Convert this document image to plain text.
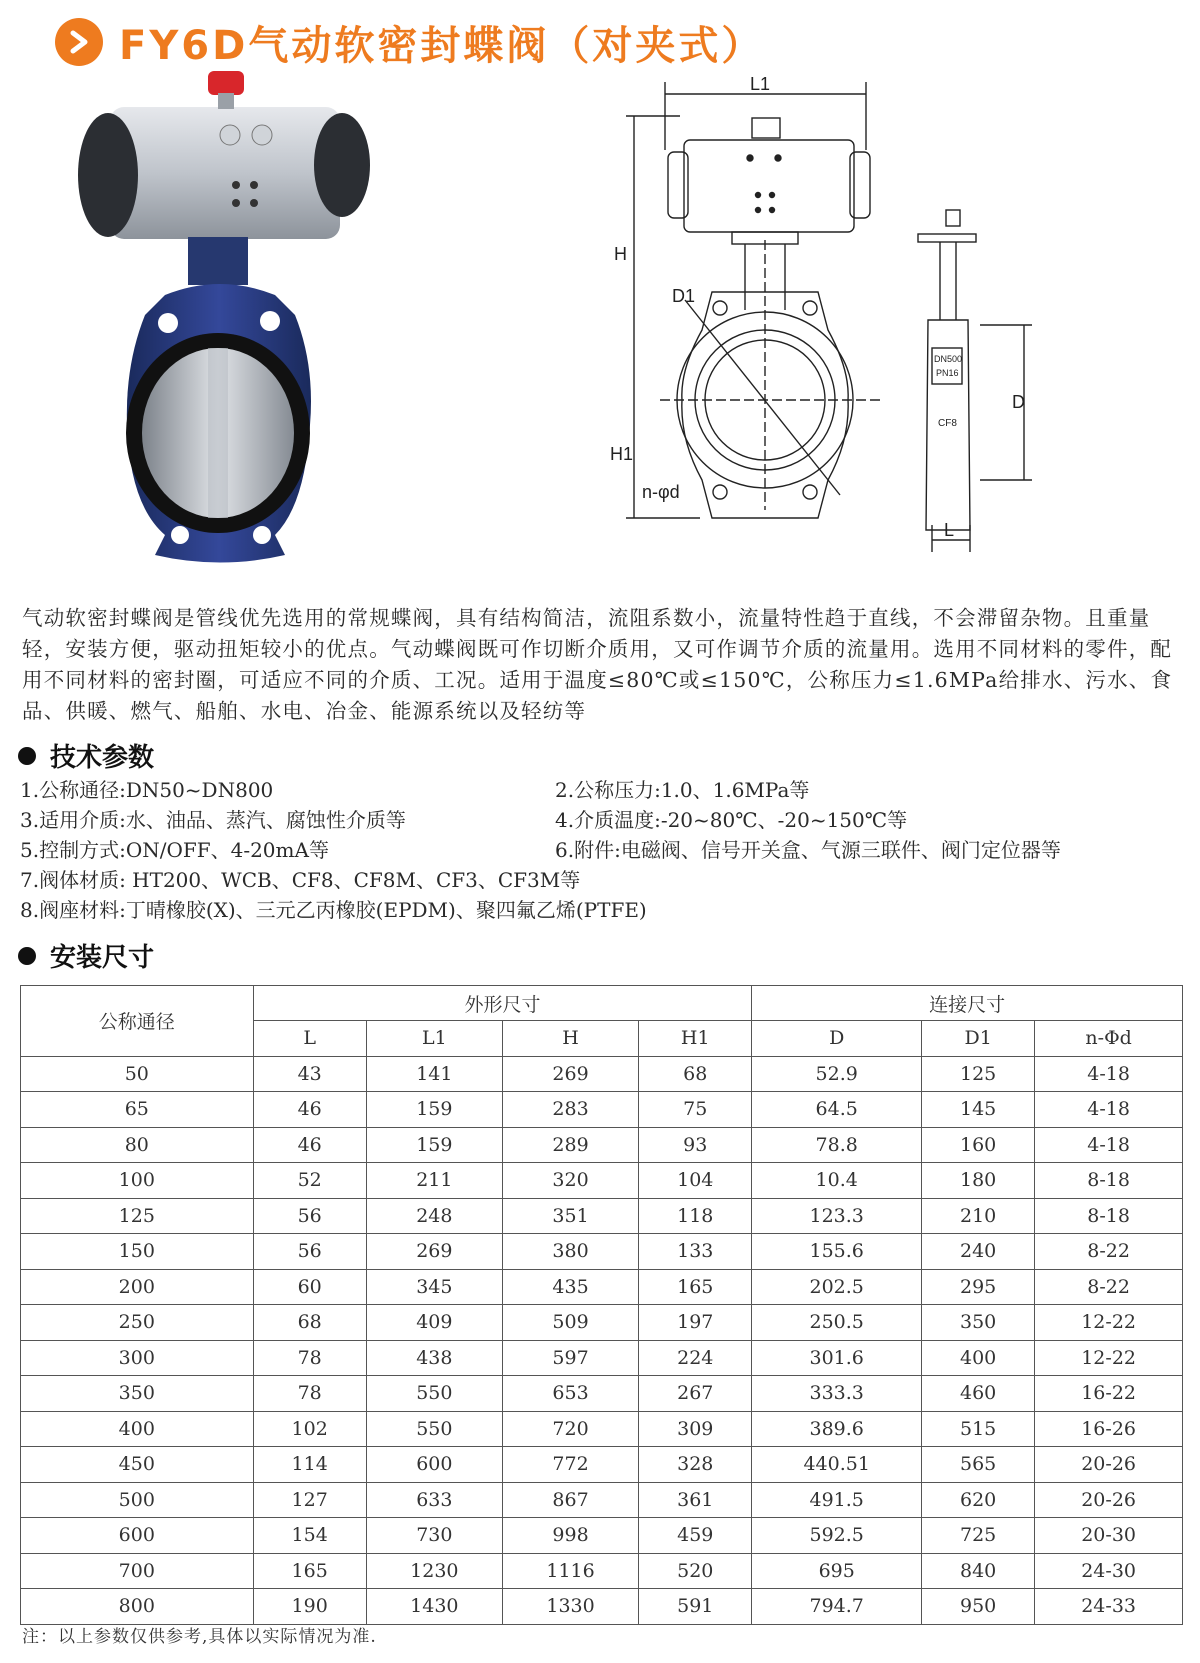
FY6D气动软密封蝶阀（对夹式）
L1
H
H1
D1
n-φd
DN500
PN16
CF8
D
L
气动软密封蝶阀是管线优先选用的常规蝶阀，具有结构简洁，流阻系数小，流量特性趋于直线，不会滞留杂物。且重量轻，安装方便，驱动扭矩较小的优点。气动蝶阀既可作切断介质用，又可作调节介质的流量用。选用不同材料的零件，配用不同材料的密封圈，可适应不同的介质、工况。适用于温度≤80℃或≤150℃，公称压力≤1.6MPa给排水、污水、食品、供暖、燃气、船舶、水电、冶金、能源系统以及轻纺等
技术参数
1.公称通径:DN50~DN800	2.公称压力:1.0、1.6MPa等
3.适用介质:水、油品、蒸汽、腐蚀性介质等	4.介质温度:-20~80℃、-20~150℃等
5.控制方式:ON/OFF、4-20mA等	6.附件:电磁阀、信号开关盒、气源三联件、阀门定位器等
7.阀体材质: HT200、WCB、CF8、CF8M、CF3、CF3M等
8.阀座材料:丁晴橡胶(X)、三元乙丙橡胶(EPDM)、聚四氟乙烯(PTFE)
安装尺寸
公称通径	外形尺寸				连接尺寸		
	L	L1	H	H1	D	D1	n-Φd
50	43	141	269	68	52.9	125	4-18
65	46	159	283	75	64.5	145	4-18
80	46	159	289	93	78.8	160	4-18
100	52	211	320	104	10.4	180	8-18
125	56	248	351	118	123.3	210	8-18
150	56	269	380	133	155.6	240	8-22
200	60	345	435	165	202.5	295	8-22
250	68	409	509	197	250.5	350	12-22
300	78	438	597	224	301.6	400	12-22
350	78	550	653	267	333.3	460	16-22
400	102	550	720	309	389.6	515	16-26
450	114	600	772	328	440.51	565	20-26
500	127	633	867	361	491.5	620	20-26
600	154	730	998	459	592.5	725	20-30
700	165	1230	1116	520	695	840	24-30
800	190	1430	1330	591	794.7	950	24-33
注：以上参数仅供参考,具体以实际情况为准.
